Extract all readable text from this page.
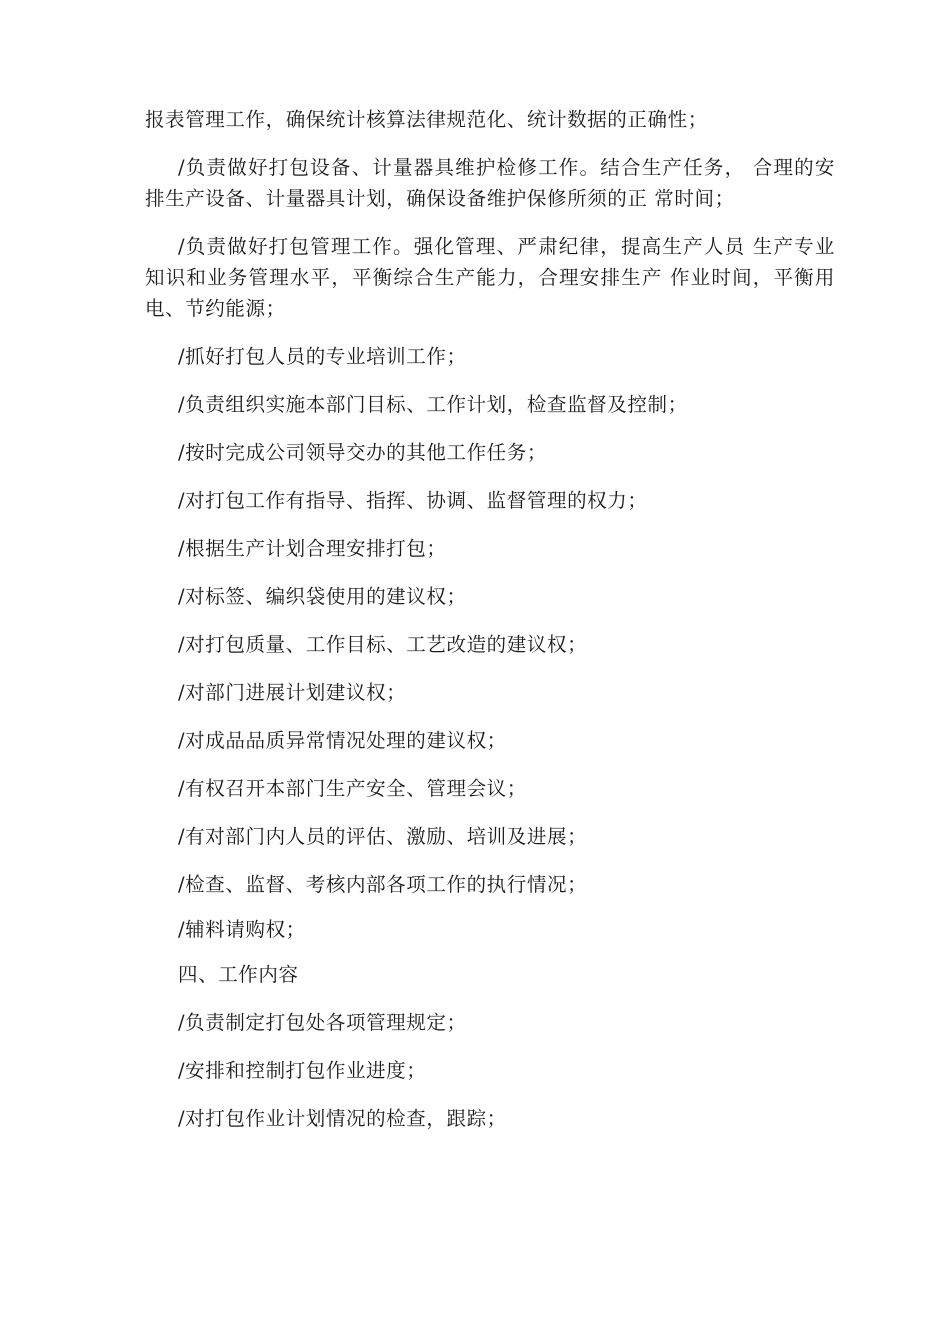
报表管理工作，确保统计核算法律规范化、统计数据的正确性；

/负责做好打包设备、计量器具维护检修工作。结合生产任务， 合理的安排生产设备、计量器具计划，确保设备维护保修所须的正 常时间；

/负责做好打包管理工作。强化管理、严肃纪律，提高生产人员 生产专业知识和业务管理水平，平衡综合生产能力，合理安排生产 作业时间，平衡用电、节约能源；

/抓好打包人员的专业培训工作；

/负责组织实施本部门目标、工作计划，检查监督及控制；

/按时完成公司领导交办的其他工作任务；

/对打包工作有指导、指挥、协调、监督管理的权力；

/根据生产计划合理安排打包；

/对标签、编织袋使用的建议权；

/对打包质量、工作目标、工艺改造的建议权；

/对部门进展计划建议权；

/对成品品质异常情况处理的建议权；

/有权召开本部门生产安全、管理会议；

/有对部门内人员的评估、激励、培训及进展；

/检查、监督、考核内部各项工作的执行情况；

/辅料请购权；

四、工作内容

/负责制定打包处各项管理规定；

/安排和控制打包作业进度；

/对打包作业计划情况的检查，跟踪；
